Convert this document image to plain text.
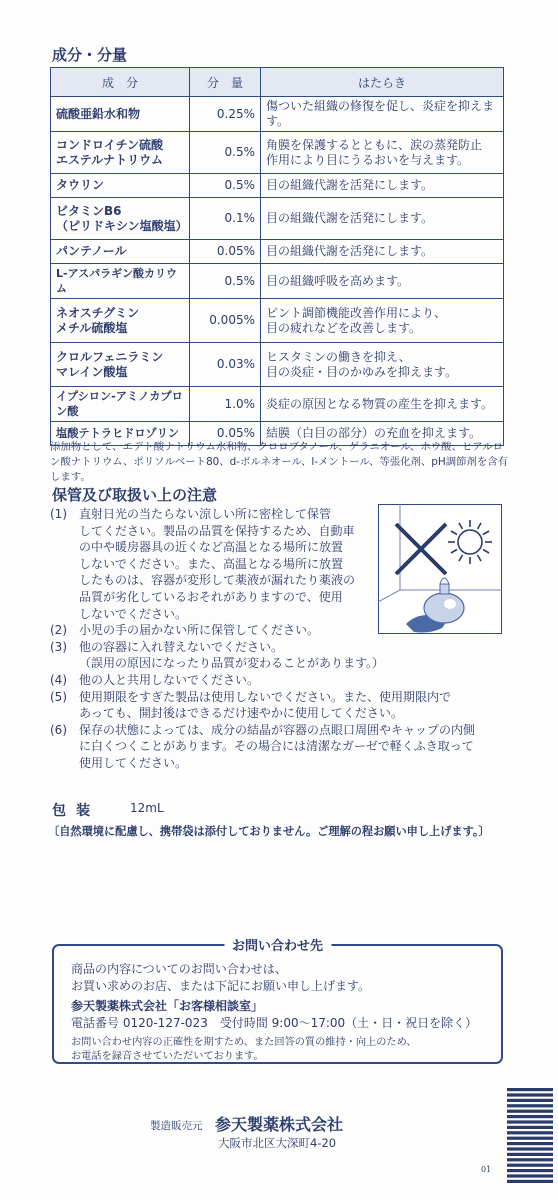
成分・分量
成　分	分　量	はたらき
硫酸亜鉛水和物	0.25%	傷ついた組織の修復を促し、炎症を抑えます。
コンドロイチン硫酸
エステルナトリウム	0.5%	角膜を保護するとともに、涙の蒸発防止
作用により目にうるおいを与えます。
タウリン	0.5%	目の組織代謝を活発にします。
ビタミンB6
（ピリドキシン塩酸塩）	0.1%	目の組織代謝を活発にします。
パンテノール	0.05%	目の組織代謝を活発にします。
L-アスパラギン酸カリウム	0.5%	目の組織呼吸を高めます。
ネオスチグミン
メチル硫酸塩	0.005%	ピント調節機能改善作用により、
目の疲れなどを改善します。
クロルフェニラミン
マレイン酸塩	0.03%	ヒスタミンの働きを抑え、
目の炎症・目のかゆみを抑えます。
イプシロン-アミノカプロン酸	1.0%	炎症の原因となる物質の産生を抑えます。
塩酸テトラヒドロゾリン	0.05%	結膜（白目の部分）の充血を抑えます。
添加物として、エデト酸ナトリウム水和物、クロロブタノール、ゲラニオール、ホウ酸、ヒアルロン酸ナトリウム、ポリソルベート80、d-ボルネオール、l-メントール、等張化剤、pH調節剤を含有します。
保管及び取扱い上の注意
(1)	直射日光の当たらない涼しい所に密栓して保管
してください。製品の品質を保持するため、自動車
の中や暖房器具の近くなど高温となる場所に放置
しないでください。また、高温となる場所に放置
したものは、容器が変形して薬液が漏れたり薬液の
品質が劣化しているおそれがありますので、使用
しないでください。
(2)	小児の手の届かない所に保管してください。
(3)	他の容器に入れ替えないでください。
（誤用の原因になったり品質が変わることがあります。）
(4)	他の人と共用しないでください。
(5)	使用期限をすぎた製品は使用しないでください。また、使用期限内で
あっても、開封後はできるだけ速やかに使用してください。
(6)	保存の状態によっては、成分の結晶が容器の点眼口周囲やキャップの内側
に白くつくことがあります。その場合には清潔なガーゼで軽くふき取って
使用してください。
包装	12mL
〔自然環境に配慮し、携帯袋は添付しておりません。ご理解の程お願い申し上げます。〕
お問い合わせ先
商品の内容についてのお問い合わせは、
お買い求めのお店、または下記にお願い申し上げます。
参天製薬株式会社「お客様相談室」
電話番号 0120-127-023　受付時間 9:00～17:00（土・日・祝日を除く）
お問い合わせ内容の正確性を期すため、また回答の質の維持・向上のため、
お電話を録音させていただいております。
製造販売元 参天製薬株式会社
大阪市北区大深町4-20
01
